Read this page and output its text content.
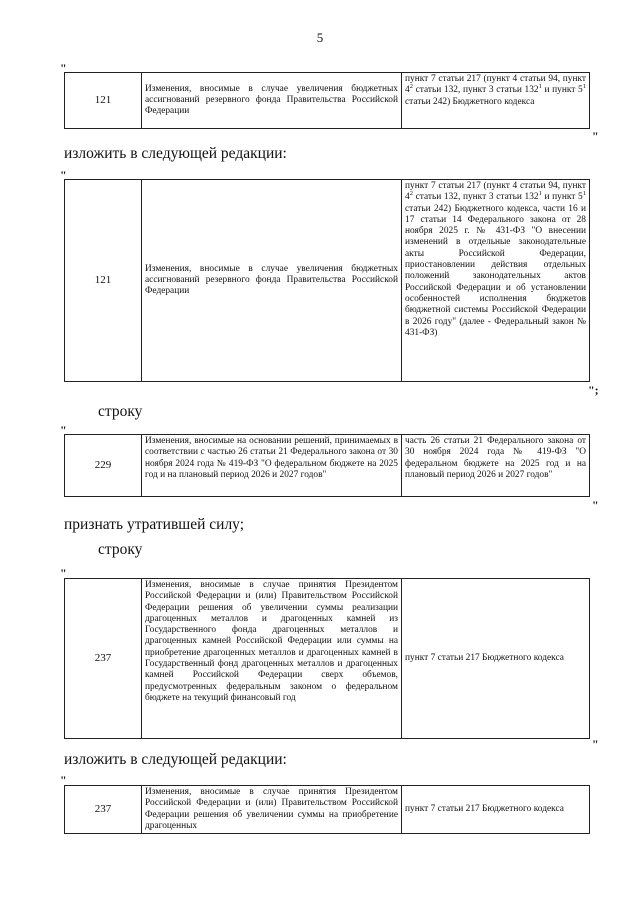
5
"
121	Изменения, вносимые в случае увеличения бюджетных ассигнований резервного фонда Правительства Российской Федерации	пункт 7 статьи 217 (пункт 4 статьи 94, пункт $4^2$ статьи 132, пункт 3 статьи $132^1$ и пункт $5^1$ статьи 242) Бюджетного кодекса
"
изложить в следующей редакции:
"
121	Изменения, вносимые в случае увеличения бюджетных ассигнований резервного фонда Правительства Российской Федерации	пункт 7 статьи 217 (пункт 4 статьи 94, пункт $4^2$ статьи 132, пункт 3 статьи $132^1$ и пункт $5^1$ статьи 242) Бюджетного кодекса, части 16 и 17 статьи 14 Федерального закона от 28 ноября 2025 г. № 431-ФЗ "О внесении изменений в отдельные законодательные акты Российской Федерации, приостановлении действия отдельных положений законодательных актов Российской Федерации и об установлении особенностей исполнения бюджетов бюджетной системы Российской Федерации в 2026 году" (далее - Федеральный закон № 431-ФЗ)
";
строку
"
229	Изменения, вносимые на основании решений, принимаемых в соответствии с частью 26 статьи 21 Федерального закона от 30 ноября 2024 года № 419-ФЗ "О федеральном бюджете на 2025 год и на плановый период 2026 и 2027 годов"	часть 26 статьи 21 Федерального закона от 30 ноября 2024 года № 419-ФЗ "О федеральном бюджете на 2025 год и на плановый период 2026 и 2027 годов"
"
признать утратившей силу;
строку
"
237	Изменения, вносимые в случае принятия Президентом Российской Федерации и (или) Правительством Российской Федерации решения об увеличении суммы реализации драгоценных металлов и драгоценных камней из Государственного фонда драгоценных металлов и драгоценных камней Российской Федерации или суммы на приобретение драгоценных металлов и драгоценных камней в Государственный фонд драгоценных металлов и драгоценных камней Российской Федерации сверх объемов, предусмотренных федеральным законом о федеральном бюджете на текущий финансовый год	пункт 7 статьи 217 Бюджетного кодекса
"
изложить в следующей редакции:
"
237	Изменения, вносимые в случае принятия Президентом Российской Федерации и (или) Правительством Российской Федерации решения об увеличении суммы на приобретение драгоценных	пункт 7 статьи 217 Бюджетного кодекса
